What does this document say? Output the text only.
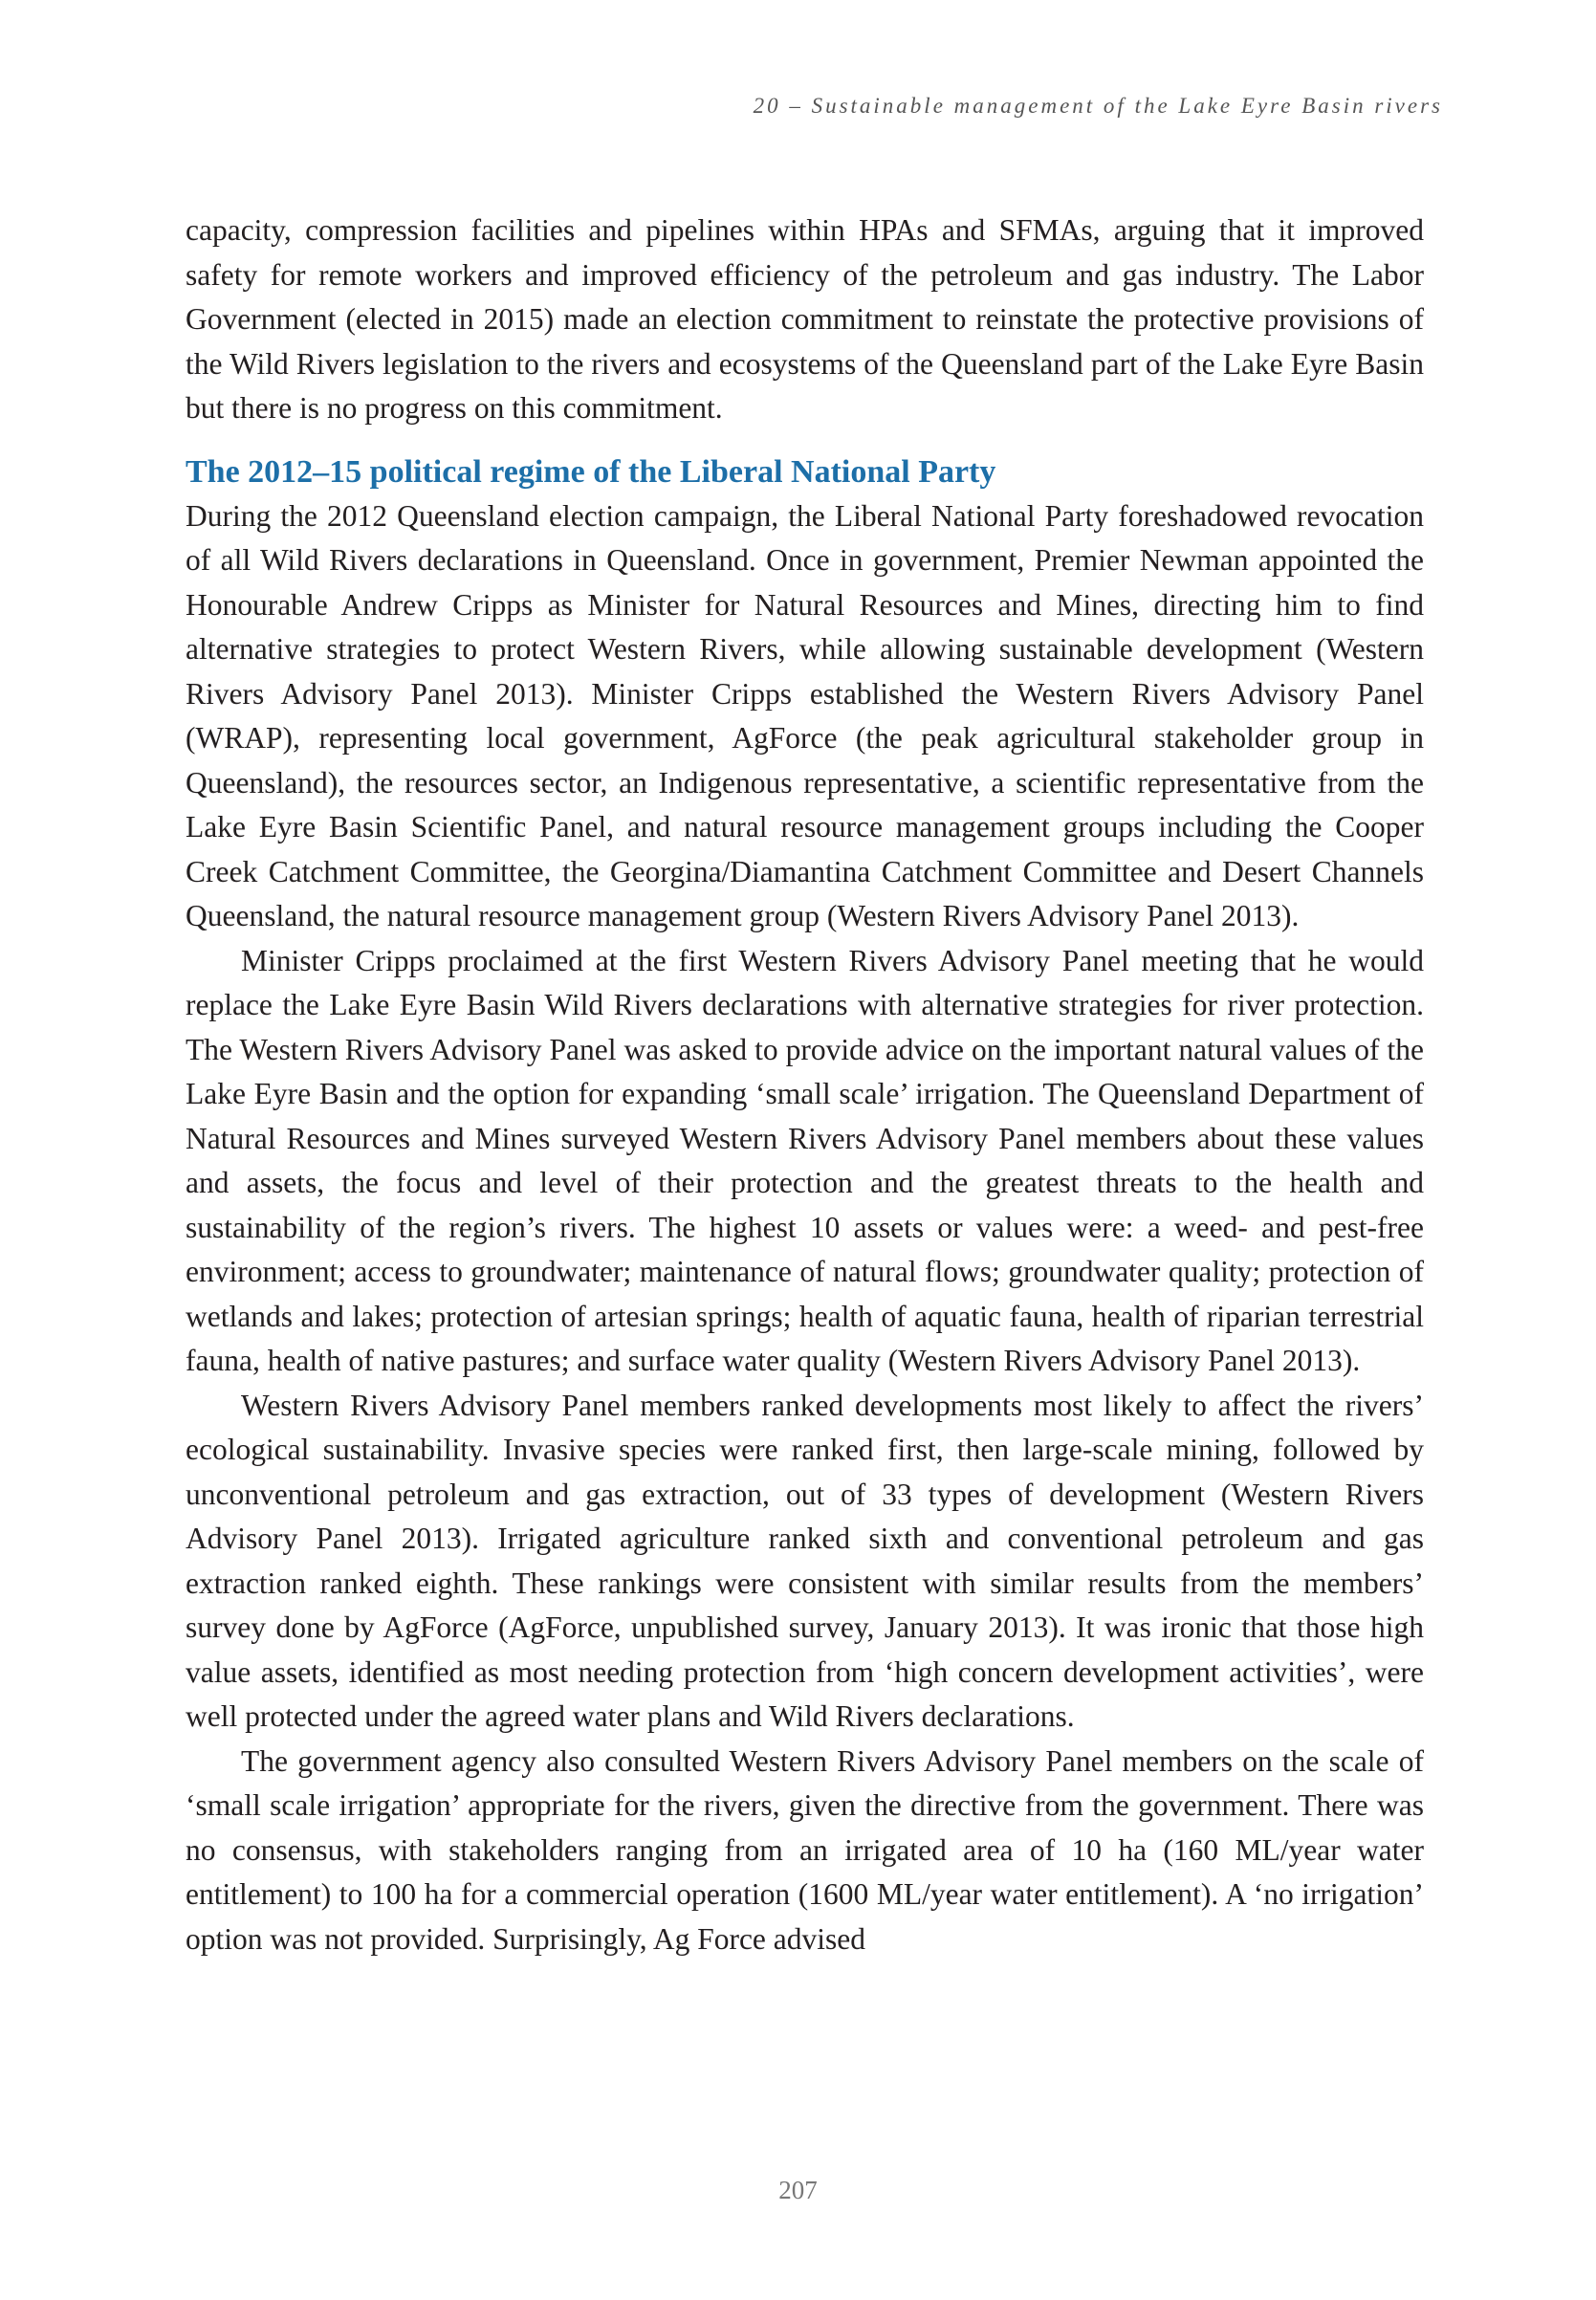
20 – Sustainable management of the Lake Eyre Basin rivers

capacity, compression facilities and pipelines within HPAs and SFMAs, arguing that it improved safety for remote workers and improved efficiency of the petroleum and gas industry. The Labor Government (elected in 2015) made an election commitment to reinstate the protective provisions of the Wild Rivers legislation to the rivers and ecosystems of the Queensland part of the Lake Eyre Basin but there is no progress on this commitment.

The 2012–15 political regime of the Liberal National Party

During the 2012 Queensland election campaign, the Liberal National Party foreshadowed revocation of all Wild Rivers declarations in Queensland. Once in government, Premier Newman appointed the Honourable Andrew Cripps as Minister for Natural Resources and Mines, directing him to find alternative strategies to protect Western Rivers, while allowing sustainable development (Western Rivers Advisory Panel 2013). Minister Cripps established the Western Rivers Advisory Panel (WRAP), representing local government, AgForce (the peak agricultural stakeholder group in Queensland), the resources sector, an Indigenous representative, a scientific representative from the Lake Eyre Basin Scientific Panel, and natural resource management groups including the Cooper Creek Catchment Committee, the Georgina/Diamantina Catchment Committee and Desert Channels Queensland, the natural resource management group (Western Rivers Advisory Panel 2013).

Minister Cripps proclaimed at the first Western Rivers Advisory Panel meeting that he would replace the Lake Eyre Basin Wild Rivers declarations with alternative strategies for river protection. The Western Rivers Advisory Panel was asked to provide advice on the important natural values of the Lake Eyre Basin and the option for expanding ‘small scale’ irrigation. The Queensland Department of Natural Resources and Mines surveyed Western Rivers Advisory Panel members about these values and assets, the focus and level of their protection and the greatest threats to the health and sustainability of the region’s rivers. The highest 10 assets or values were: a weed- and pest-free environment; access to groundwater; maintenance of natural flows; groundwater quality; protection of wetlands and lakes; protection of artesian springs; health of aquatic fauna, health of riparian terrestrial fauna, health of native pastures; and surface water quality (Western Rivers Advisory Panel 2013).

Western Rivers Advisory Panel members ranked developments most likely to affect the rivers’ ecological sustainability. Invasive species were ranked first, then large-scale mining, followed by unconventional petroleum and gas extraction, out of 33 types of development (Western Rivers Advisory Panel 2013). Irrigated agriculture ranked sixth and conventional petroleum and gas extraction ranked eighth. These rankings were consistent with similar results from the members’ survey done by AgForce (AgForce, unpublished survey, January 2013). It was ironic that those high value assets, identified as most needing protection from ‘high concern development activities’, were well protected under the agreed water plans and Wild Rivers declarations.

The government agency also consulted Western Rivers Advisory Panel members on the scale of ‘small scale irrigation’ appropriate for the rivers, given the directive from the government. There was no consensus, with stakeholders ranging from an irrigated area of 10 ha (160 ML/year water entitlement) to 100 ha for a commercial operation (1600 ML/year water entitlement). A ‘no irrigation’ option was not provided. Surprisingly, Ag Force advised

207
